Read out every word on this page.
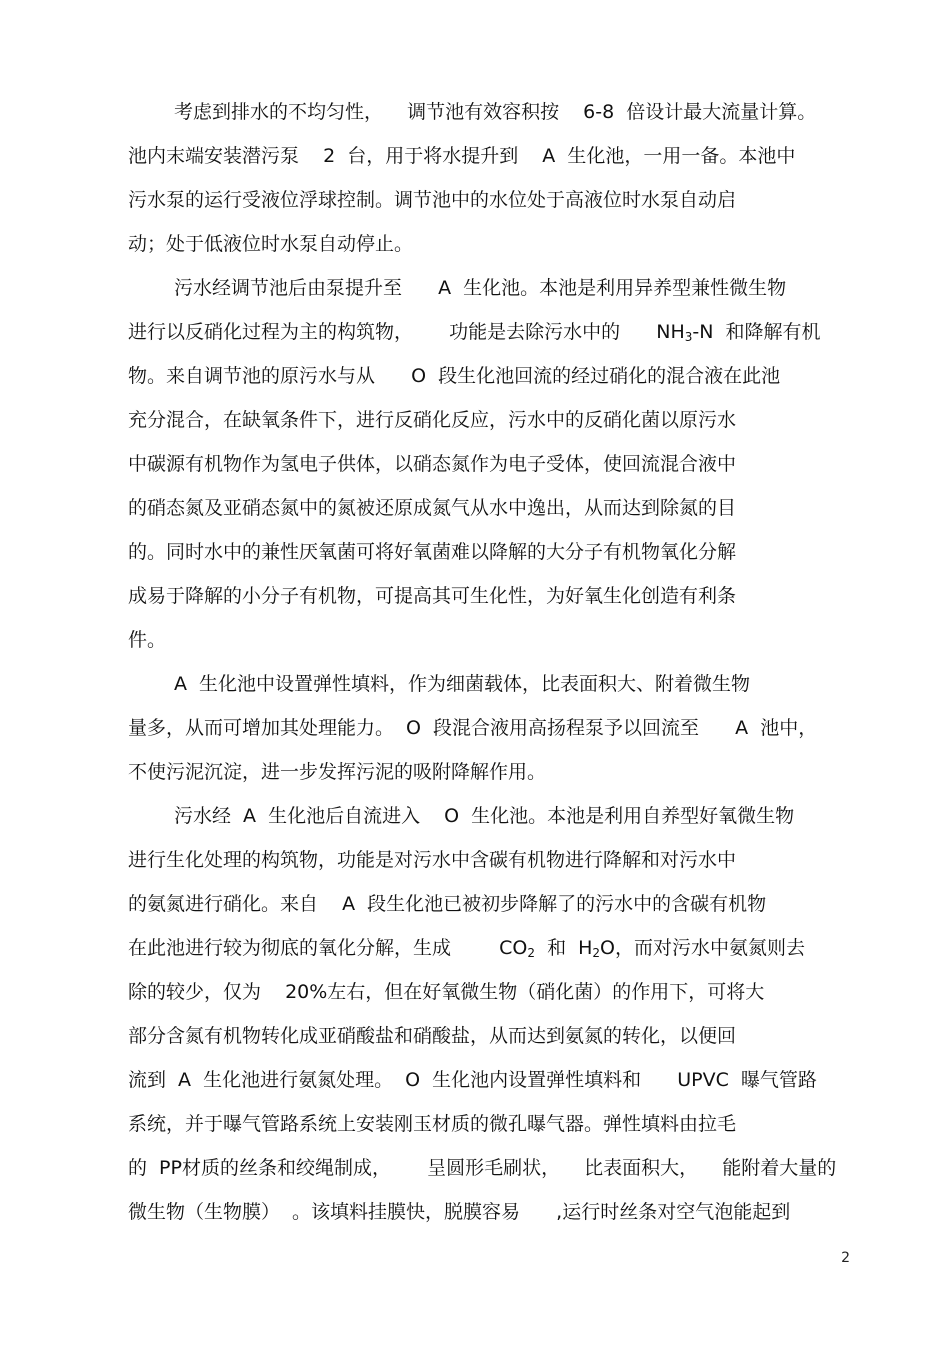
考虑到排水的不均匀性，  调节池有效容积按  6-8 倍设计最大流量计算。
池内末端安装潜污泵  2 台，用于将水提升到  A 生化池，一用一备。本池中
污水泵的运行受液位浮球控制。调节池中的水位处于高液位时水泵自动启
动；处于低液位时水泵自动停止。
污水经调节池后由泵提升至   A 生化池。本池是利用异养型兼性微生物
进行以反硝化过程为主的构筑物，   功能是去除污水中的   $NH_3-N$ 和降解有机
物。来自调节池的原污水与从   O 段生化池回流的经过硝化的混合液在此池
充分混合，在缺氧条件下，进行反硝化反应，污水中的反硝化菌以原污水
中碳源有机物作为氢电子供体，以硝态氮作为电子受体，使回流混合液中
的硝态氮及亚硝态氮中的氮被还原成氮气从水中逸出，从而达到除氮的目
的。同时水中的兼性厌氧菌可将好氧菌难以降解的大分子有机物氧化分解
成易于降解的小分子有机物，可提高其可生化性，为好氧生化创造有利条
件。
A 生化池中设置弹性填料，作为细菌载体，比表面积大、附着微生物
量多，从而可增加其处理能力。 O 段混合液用高扬程泵予以回流至   A 池中，
不使污泥沉淀，进一步发挥污泥的吸附降解作用。
污水经 A 生化池后自流进入  O 生化池。本池是利用自养型好氧微生物
进行生化处理的构筑物，功能是对污水中含碳有机物进行降解和对污水中
的氨氮进行硝化。来自  A 段生化池已被初步降解了的污水中的含碳有机物
在此池进行较为彻底的氧化分解，生成    $CO_2$ 和 $H_2O$，而对污水中氨氮则去
除的较少，仅为  20%左右，但在好氧微生物（硝化菌）的作用下，可将大
部分含氮有机物转化成亚硝酸盐和硝酸盐，从而达到氨氮的转化，以便回
流到 A 生化池进行氨氮处理。 O 生化池内设置弹性填料和   UPVC 曝气管路
系统，并于曝气管路系统上安装刚玉材质的微孔曝气器。弹性填料由拉毛
的 PP材质的丝条和绞绳制成，   呈圆形毛刷状，  比表面积大，  能附着大量的
微生物（生物膜） 。该填料挂膜快，脱膜容易   ,运行时丝条对空气泡能起到
2
